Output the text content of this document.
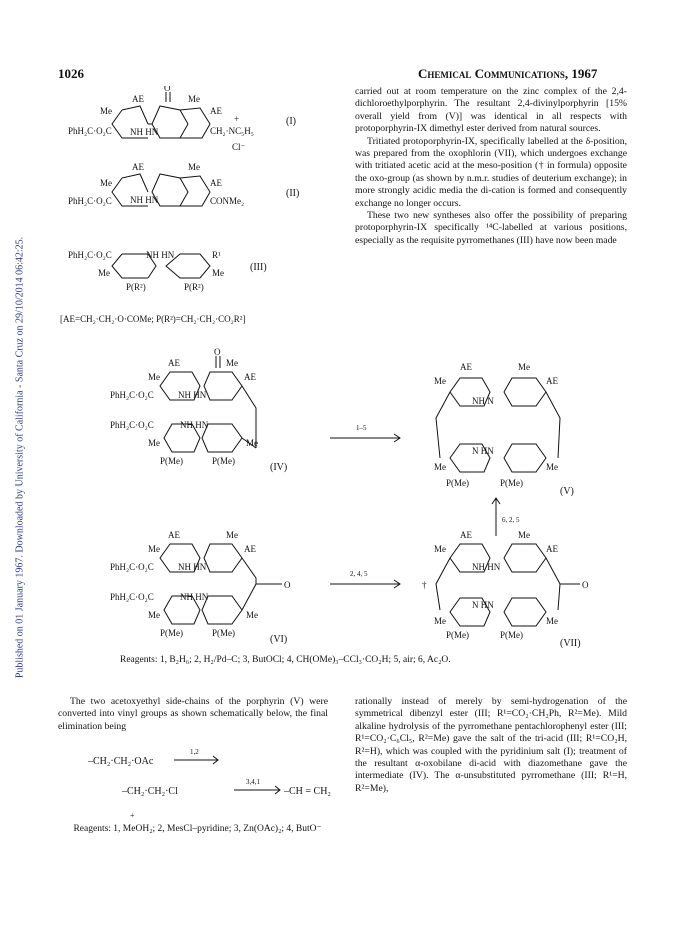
1026	Chemical Communications, 1967
Published on 01 January 1967. Downloaded by University of California - Santa Cruz on 29/10/2014 06:42:25.
AE
O
Me
Me	AE
+
PhH₂C·O₂C NH HN	CH₂·NC₅H₅
Cl⁻
(I)
AE	Me
Me	AE
PhH₂C·O₂C NH HN	CONMe₂
(II)
PhH₂C·O₂C	NH HN	R¹
Me	Me
P(R²)	P(R²)
(III)
[AE=CH₂·CH₂·O·COMe; P(R²)=CH₂·CH₂·CO₂R²]

carried out at room temperature on the zinc complex of the 2,4-dichloroethylporphyrin. The resultant 2,4-divinylporphyrin [15% overall yield from (V)] was identical in all respects with protoporphyrin-IX dimethyl ester derived from natural sources.

Tritiated protoporphyrin-IX, specifically labelled at the δ-position, was prepared from the oxophlorin (VII), which undergoes exchange with tritiated acetic acid at the meso-position († in formula) opposite the oxo-group (as shown by n.m.r. studies of deuterium exchange); in more strongly acidic media the di-cation is formed and consequently exchange no longer occurs.

These two new syntheses also offer the possibility of preparing protoporphyrin-IX specifically ¹⁴C-labelled at various positions, especially as the requisite pyrromethanes (III) have now been made

AE
O
Me
Me	AE
PhH₂C·O₂C	NH HN
PhH₂C·O₂C	NH HN
Me	Me
P(Me)	P(Me)
(IV)
1–5
AE	Me
Me	AE
NH N
N HN
Me	Me
P(Me)	P(Me)
(V)
6, 2, 5
AE	Me
Me	AE
PhH₂C·O₂C	NH HN
O
PhH₂C·O₂C	NH HN
Me	Me
P(Me)	P(Me)
(VI)
2, 4, 5
AE	Me
Me	AE
NH HN
†	O
N HN
Me	Me
P(Me)	P(Me)
(VII)
Reagents: 1, B₂H₆; 2, H₂/Pd–C; 3, ButOCl; 4, CH(OMe)₃–CCl₃·CO₂H; 5, air; 6, Ac₂O.

The two acetoxyethyl side-chains of the porphyrin (V) were converted into vinyl groups as shown schematically below, the final elimination being

–CH₂·CH₂·OAc
1,2
–CH₂·CH₂·Cl
3,4,1
–CH = CH₂
+
Reagents: 1, MeOH₂; 2, MesCl–pyridine; 3, Zn(OAc)₂; 4, ButO⁻

rationally instead of merely by semi-hydrogenation of the symmetrical dibenzyl ester (III; R¹=CO₂·CH₂Ph, R²=Me). Mild alkaline hydrolysis of the pyrromethane pentachlorophenyl ester (III; R¹=CO₂·C₆Cl₅, R²=Me) gave the salt of the tri-acid (III; R¹=CO₂H, R²=H), which was coupled with the pyridinium salt (I); treatment of the resultant α-oxobilane di-acid with diazomethane gave the intermediate (IV). The α-unsubstituted pyrromethane (III; R¹=H, R²=Me),
